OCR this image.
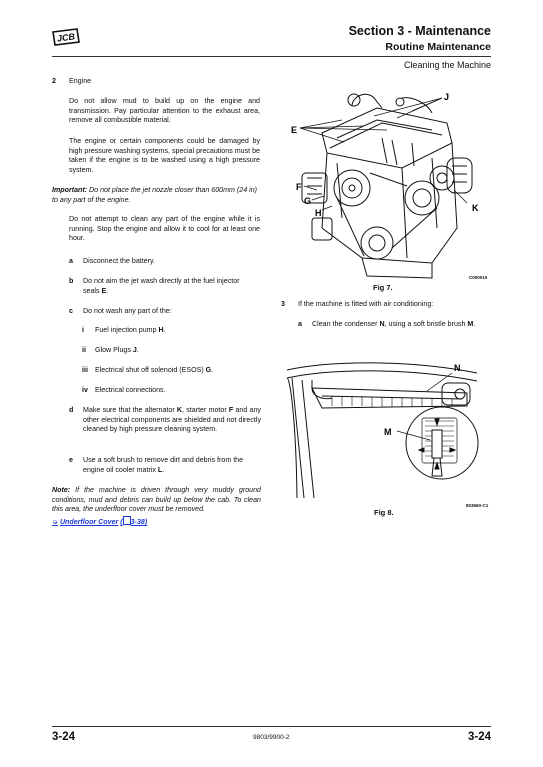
JCB	Section 3 - Maintenance
Routine Maintenance
Cleaning the Machine
2 Engine
Do not allow mud to build up on the engine and transmission. Pay particular attention to the exhaust area, remove all combustible material.
The engine or certain components could be damaged by high pressure washing systems, special precautions must be taken if the engine is to be washed using a high pressure system.
Important: Do not place the jet nozzle closer than 600mm (24 in) to any part of the engine.
Do not attempt to clean any part of the engine while it is running. Stop the engine and allow it to cool for at least one hour.
a Disconnect the battery.
b Do not aim the jet wash directly at the fuel injector seals E.
c Do not wash any part of the:
i Fuel injection pump H.
ii Glow Plugs J.
iii Electrical shut off solenoid (ESOS) G.
iv Electrical connections.
d Make sure that the alternator K, starter motor F and any other electrical components are shielded and not directly cleaned by high pressure cleaning system.
e Use a soft brush to remove dirt and debris from the engine oil cooler matrix L.
Note: If the machine is driven through very muddy ground conditions, mud and debris can build up below the cab. To clean this area, the underfloor cover must be removed.
➭ Underfloor Cover ( 3-38)
E
J
F
G
H	K
C000010
Fig 7.
3 If the machine is fitted with air conditioning:
a Clean the condenser N, using a soft bristle brush M.
N
M
803660-C1
Fig 8.
3-24	9803/9900-2	3-24
